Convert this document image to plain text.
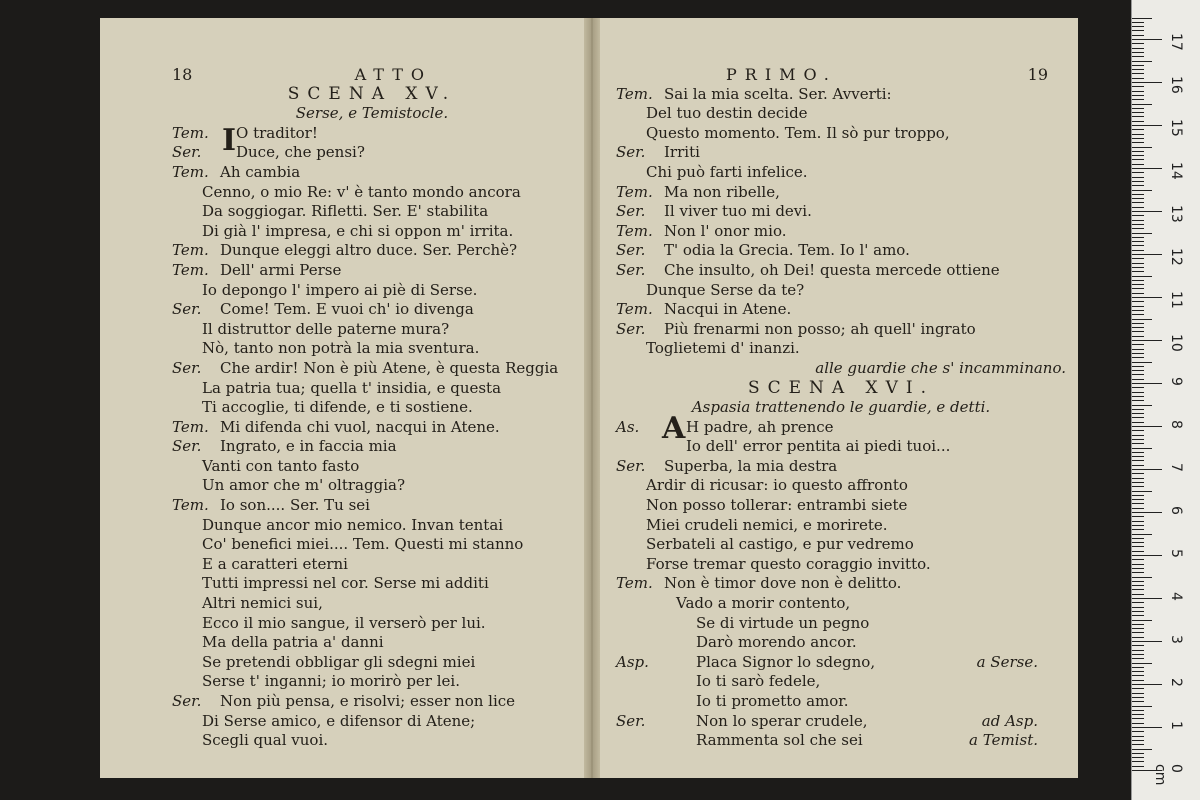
18	ATTO
SCENA XV.
Serse, e Temistocle.
I
Tem. O traditor!
Ser. Duce, che pensi?
Tem. Ah cambia
Cenno, o mio Re: v' è tanto mondo ancora
Da soggiogar. Rifletti. Ser. E' stabilita
Di già l' impresa, e chi si oppon m' irrita.
Tem. Dunque eleggi altro duce. Ser. Perchè?
Tem. Dell' armi Perse
Io depongo l' impero ai piè di Serse.
Ser. Come! Tem. E vuoi ch' io divenga
Il distruttor delle paterne mura?
Nò, tanto non potrà la mia sventura.
Ser. Che ardir! Non è più Atene, è questa Reggia
La patria tua; quella t' insidia, e questa
Ti accoglie, ti difende, e ti sostiene.
Tem. Mi difenda chi vuol, nacqui in Atene.
Ser. Ingrato, e in faccia mia
Vanti con tanto fasto
Un amor che m' oltraggia?
Tem. Io son.... Ser. Tu sei
Dunque ancor mio nemico. Invan tentai
Co' benefici miei.... Tem. Questi mi stanno
E a caratteri eterni
Tutti impressi nel cor. Serse mi additi
Altri nemici sui,
Ecco il mio sangue, il verserò per lui.
Ma della patria a' danni
Se pretendi obbligar gli sdegni miei
Serse t' inganni; io morirò per lei.
Ser. Non più pensa, e risolvi; esser non lice
Di Serse amico, e difensor di Atene;
Scegli qual vuoi.
PRIMO.	19
Tem. Sai la mia scelta. Ser. Avverti:
Del tuo destin decide
Questo momento. Tem. Il sò pur troppo,
Ser. Irriti
Chi può farti infelice.
Tem. Ma non ribelle,
Ser. Il viver tuo mi devi.
Tem. Non l' onor mio.
Ser. T' odia la Grecia. Tem. Io l' amo.
Ser. Che insulto, oh Dei! questa mercede ottiene
Dunque Serse da te?
Tem. Nacqui in Atene.
Ser. Più frenarmi non posso; ah quell' ingrato
Toglietemi d' inanzi.
alle guardie che s' incamminano.
SCENA XVI.
Aspasia trattenendo le guardie, e detti.
A
As.	H padre, ah prence
Io dell' error pentita ai piedi tuoi...
Ser. Superba, la mia destra
Ardir di ricusar: io questo affronto
Non posso tollerar: entrambi siete
Miei crudeli nemici, e morirete.
Serbateli al castigo, e pur vedremo
Forse tremar questo coraggio invitto.
Tem. Non è timor dove non è delitto.
Vado a morir contento,
Se di virtude un pegno
Darò morendo ancor.
Asp.	Placa Signor lo sdegno,	a Serse.
Io ti sarò fedele,
Io ti prometto amor.
Ser.	Non lo sperar crudele,	ad Asp.
Rammenta sol che sei	a Temist.
0 cm
1
2
3
4
5
6
7
8
9
10
11
12
13
14
15
16
17
